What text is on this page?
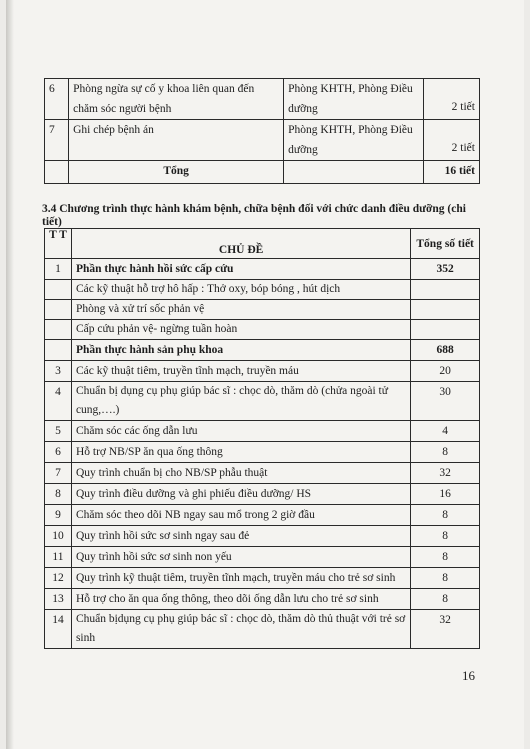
6	Phòng ngừa sự cố y khoa liên quan đến chăm sóc người bệnh	Phòng KHTH, Phòng Điều dưỡng	2 tiết
7	Ghi chép bệnh án	Phòng KHTH, Phòng Điều dưỡng	2 tiết
	Tổng		16 tiết

3.4 Chương trình thực hành khám bệnh, chữa bệnh đối với chức danh điều dưỡng (chi tiết)

T T	CHỦ ĐỀ	Tổng số tiết
1	Phần thực hành hồi sức cấp cứu	352
	Các kỹ thuật hỗ trợ hô hấp : Thở oxy, bóp bóng , hút dịch	
	Phòng và xử trí sốc phản vệ	
	Cấp cứu phản vệ- ngừng tuần hoàn	
	Phần thực hành sản phụ khoa	688
3	Các kỹ thuật tiêm, truyền tĩnh mạch, truyền máu	20
4	Chuẩn bị dụng cụ phụ giúp bác sĩ : chọc dò, thăm dò (chửa ngoài tử cung,….)	30
5	Chăm sóc các ống dẫn lưu	4
6	Hỗ trợ NB/SP ăn qua ống thông	8
7	Quy trình chuẩn bị cho NB/SP phẫu thuật	32
8	Quy trình điều dưỡng và ghi phiếu điều dưỡng/ HS	16
9	Chăm sóc theo dõi NB ngay sau mổ trong 2 giờ đầu	8
10	Quy trình hồi sức sơ sinh ngay sau đẻ	8
11	Quy trình hồi sức sơ sinh non yếu	8
12	Quy trình kỹ thuật tiêm, truyền tĩnh mạch, truyền máu cho trẻ sơ sinh	8
13	Hỗ trợ cho ăn qua ống thông, theo dõi ống dẫn lưu cho trẻ sơ sinh	8
14	Chuẩn bịdụng cụ phụ giúp bác sĩ : chọc dò, thăm dò thủ thuật với trẻ sơ sinh	32
16
